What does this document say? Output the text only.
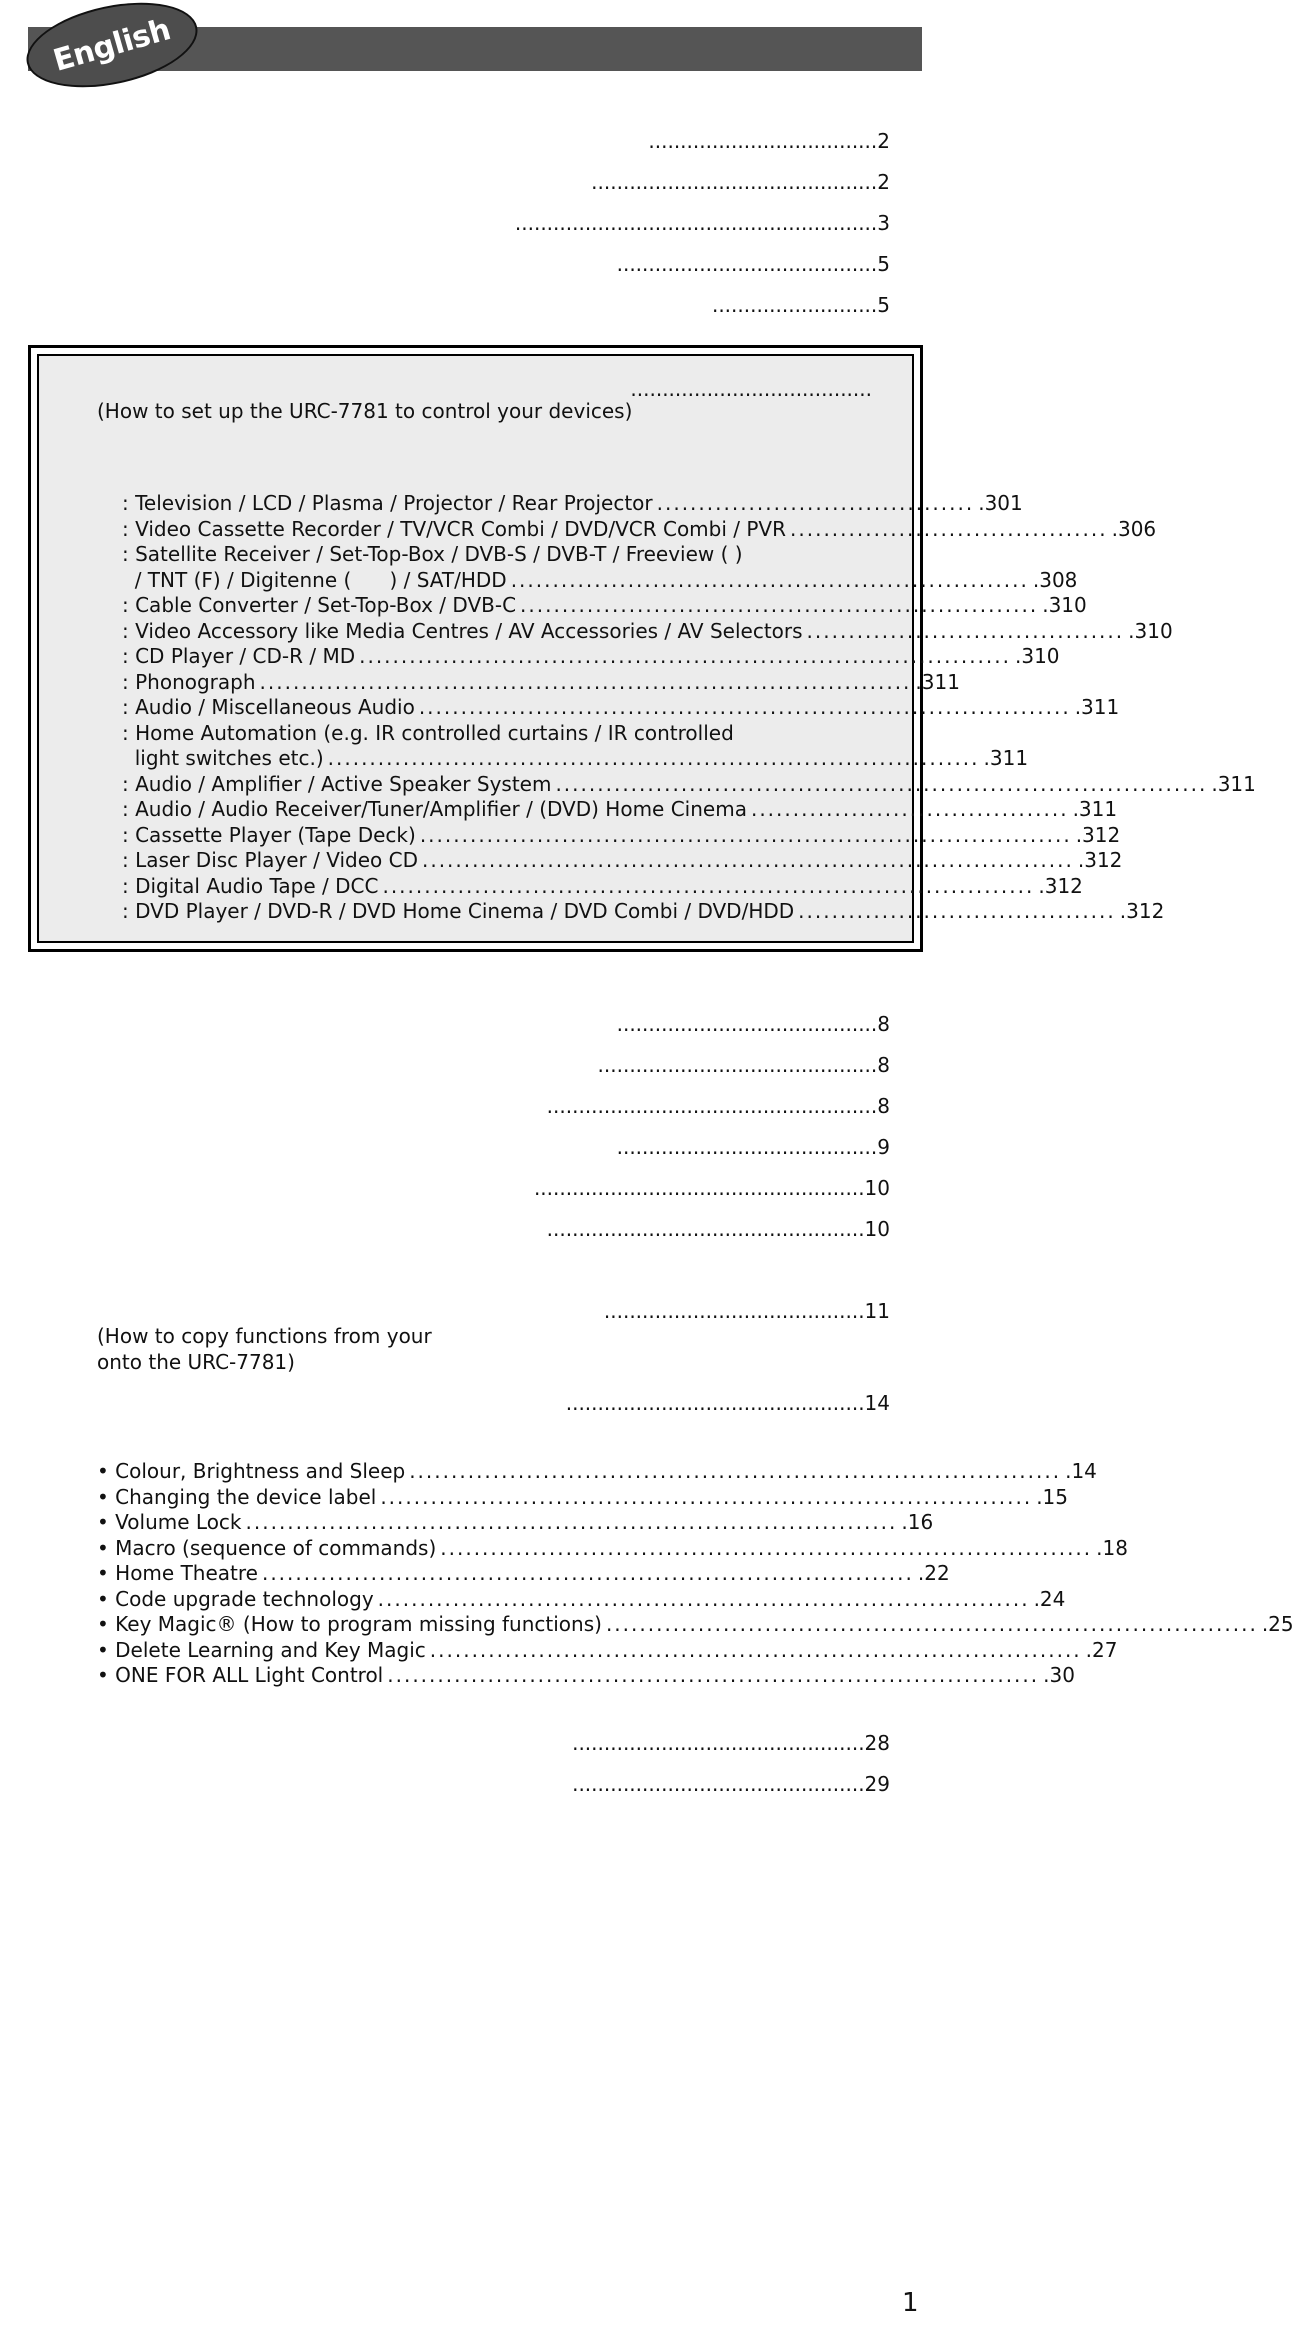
English
....................................2
.............................................2
.........................................................3
.........................................5
..........................5
......................................
(How to set up the URC-7781 to control your devices)
: Television / LCD / Plasma / Projector / Rear Projector ...................................... .301
: Video Cassette Recorder / TV/VCR Combi / DVD/VCR Combi / PVR ...................................... .306
: Satellite Receiver / Set-Top-Box / DVB-S / DVB-T / Freeview ( )
/ TNT (F) / Digitenne (      ) / SAT/HDD .............................................................. .308
: Cable Converter / Set-Top-Box / DVB-C .............................................................. .310
: Video Accessory like Media Centres / AV Accessories / AV Selectors ...................................... .310
: CD Player / CD-R / MD .............................................................................. .310
: Phonograph .............................................................................. .311
: Audio / Miscellaneous Audio .............................................................................. .311
: Home Automation (e.g. IR controlled curtains / IR controlled
light switches etc.) .............................................................................. .311
: Audio / Amplifier / Active Speaker System .............................................................................. .311
: Audio / Audio Receiver/Tuner/Amplifier / (DVD) Home Cinema ...................................... .311
: Cassette Player (Tape Deck) .............................................................................. .312
: Laser Disc Player / Video CD .............................................................................. .312
: Digital Audio Tape / DCC .............................................................................. .312
: DVD Player / DVD-R / DVD Home Cinema / DVD Combi / DVD/HDD ...................................... .312
.........................................8
............................................8
....................................................8
.........................................9
....................................................10
..................................................10
.........................................11
(How to copy functions from your
onto the URC-7781)
...............................................14
• Colour, Brightness and Sleep .............................................................................. .14
• Changing the device label .............................................................................. .15
• Volume Lock .............................................................................. .16
• Macro (sequence of commands) .............................................................................. .18
• Home Theatre .............................................................................. .22
• Code upgrade technology .............................................................................. .24
• Key Magic® (How to program missing functions) .............................................................................. .25
• Delete Learning and Key Magic .............................................................................. .27
• ONE FOR ALL Light Control .............................................................................. .30
..............................................28
..............................................29
1
